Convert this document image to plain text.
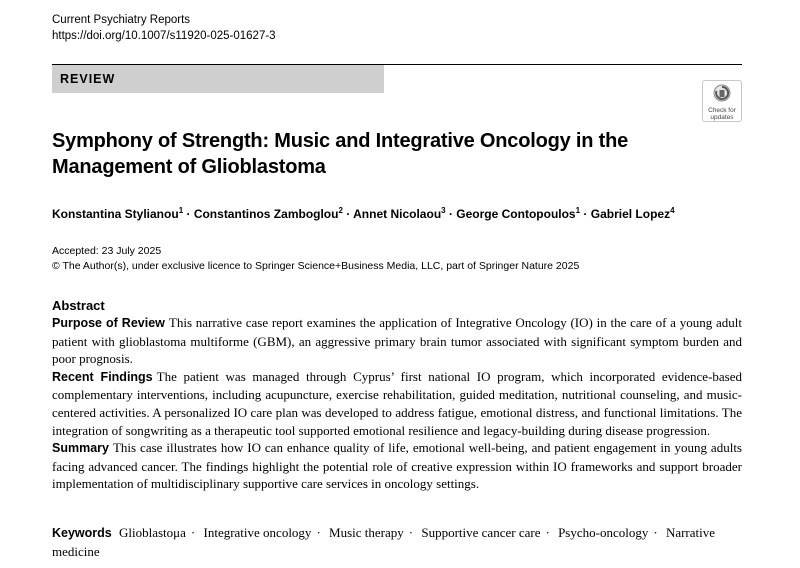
Current Psychiatry Reports
https://doi.org/10.1007/s11920-025-01627-3
REVIEW
Check for
updates
Symphony of Strength: Music and Integrative Oncology in the Management of Glioblastoma
Konstantina Stylianou$^1$ · Constantinos Zamboglou$^2$ · Annet Nicolaou$^3$ · George Contopoulos$^1$ · Gabriel Lopez$^4$
Accepted: 23 July 2025
© The Author(s), under exclusive licence to Springer Science+Business Media, LLC, part of Springer Nature 2025
Abstract

Purpose of Review This narrative case report examines the application of Integrative Oncology (IO) in the care of a young adult patient with glioblastoma multiforme (GBM), an aggressive primary brain tumor associated with significant symptom burden and poor prognosis.

Recent Findings The patient was managed through Cyprus’ first national IO program, which incorporated evidence-based complementary interventions, including acupuncture, exercise rehabilitation, guided meditation, nutritional counseling, and music-centered activities. A personalized IO care plan was developed to address fatigue, emotional distress, and functional limitations. The integration of songwriting as a therapeutic tool supported emotional resilience and legacy-building during disease progression.

Summary This case illustrates how IO can enhance quality of life, emotional well-being, and patient engagement in young adults facing advanced cancer. The findings highlight the potential role of creative expression within IO frameworks and support broader implementation of multidisciplinary supportive care services in oncology settings.

Keywords Glioblastoμa · Integrative oncology · Music therapy · Supportive cancer care · Psycho-oncology · Narrative medicine
